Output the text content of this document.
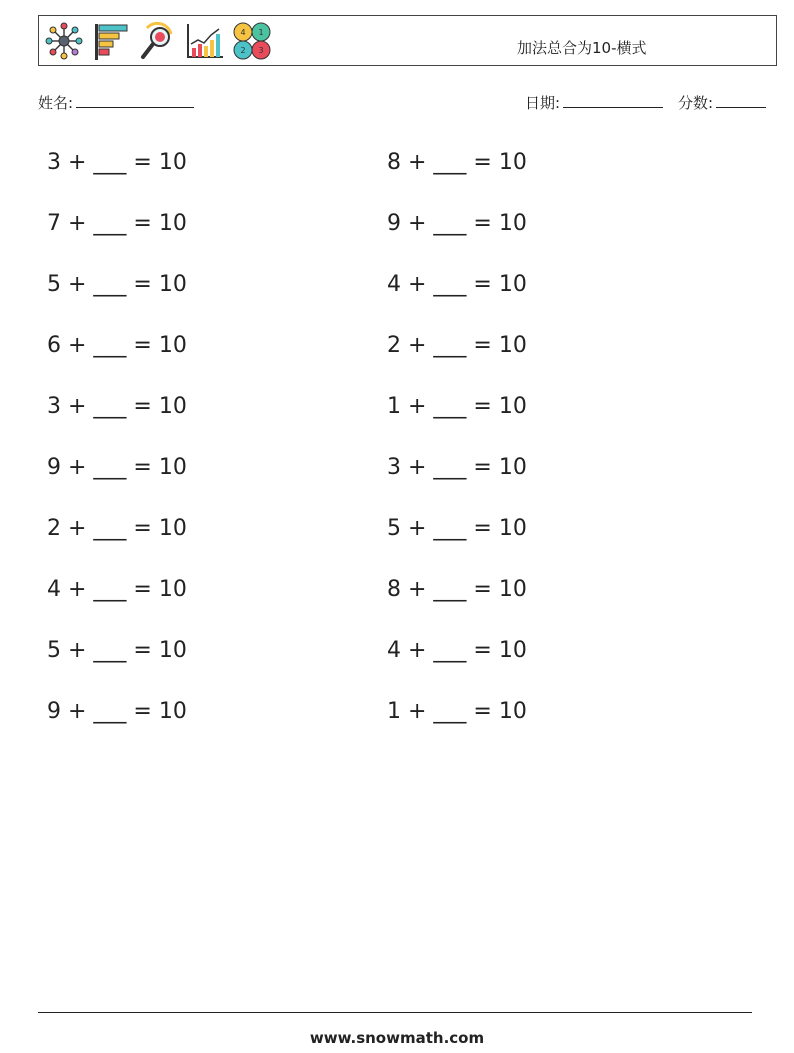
4 1
2 3	加法总合为10-横式
姓名:	日期:	分数:
3 + ___ = 10
7 + ___ = 10
5 + ___ = 10
6 + ___ = 10
3 + ___ = 10
9 + ___ = 10
2 + ___ = 10
4 + ___ = 10
5 + ___ = 10
9 + ___ = 10
8 + ___ = 10
9 + ___ = 10
4 + ___ = 10
2 + ___ = 10
1 + ___ = 10
3 + ___ = 10
5 + ___ = 10
8 + ___ = 10
4 + ___ = 10
1 + ___ = 10
www.snowmath.com
